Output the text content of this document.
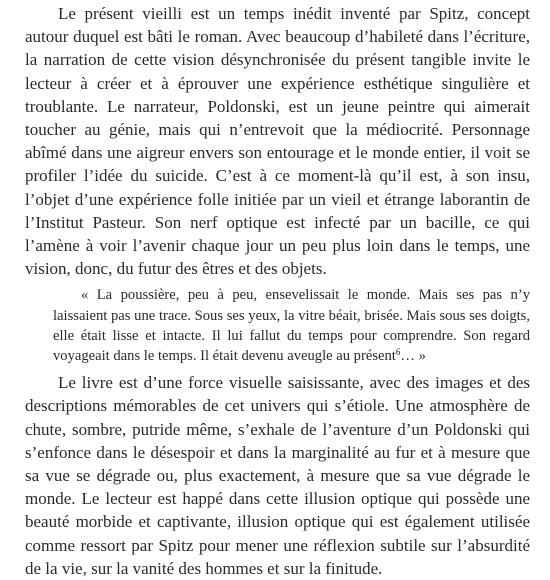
Le présent vieilli est un temps inédit inventé par Spitz, concept autour duquel est bâti le roman. Avec beaucoup d’habileté dans l’écriture, la narration de cette vision désynchronisée du présent tangible invite le lecteur à créer et à éprouver une expérience esthétique singulière et troublante. Le narrateur, Poldonski, est un jeune peintre qui aimerait toucher au génie, mais qui n’entrevoit que la médiocrité. Personnage abîmé dans une aigreur envers son entourage et le monde entier, il voit se profiler l’idée du suicide. C’est à ce moment-là qu’il est, à son insu, l’objet d’une expérience folle initiée par un vieil et étrange laborantin de l’Institut Pasteur. Son nerf optique est infecté par un bacille, ce qui l’amène à voir l’avenir chaque jour un peu plus loin dans le temps, une vision, donc, du futur des êtres et des objets.

« La poussière, peu à peu, ensevelissait le monde. Mais ses pas n’y laissaient pas une trace. Sous ses yeux, la vitre béait, brisée. Mais sous ses doigts, elle était lisse et intacte. Il lui fallut du temps pour comprendre. Son regard voyageait dans le temps. Il était devenu aveugle au présent$^6$… »

Le livre est d’une force visuelle saisissante, avec des images et des descriptions mémorables de cet univers qui s’étiole. Une atmosphère de chute, sombre, putride même, s’exhale de l’aventure d’un Poldonski qui s’enfonce dans le désespoir et dans la marginalité au fur et à mesure que sa vue se dégrade ou, plus exactement, à mesure que sa vue dégrade le monde. Le lecteur est happé dans cette illusion optique qui possède une beauté morbide et captivante, illusion optique qui est également utilisée comme ressort par Spitz pour mener une réflexion subtile sur l’absurdité de la vie, sur la vanité des hommes et sur la finitude.
